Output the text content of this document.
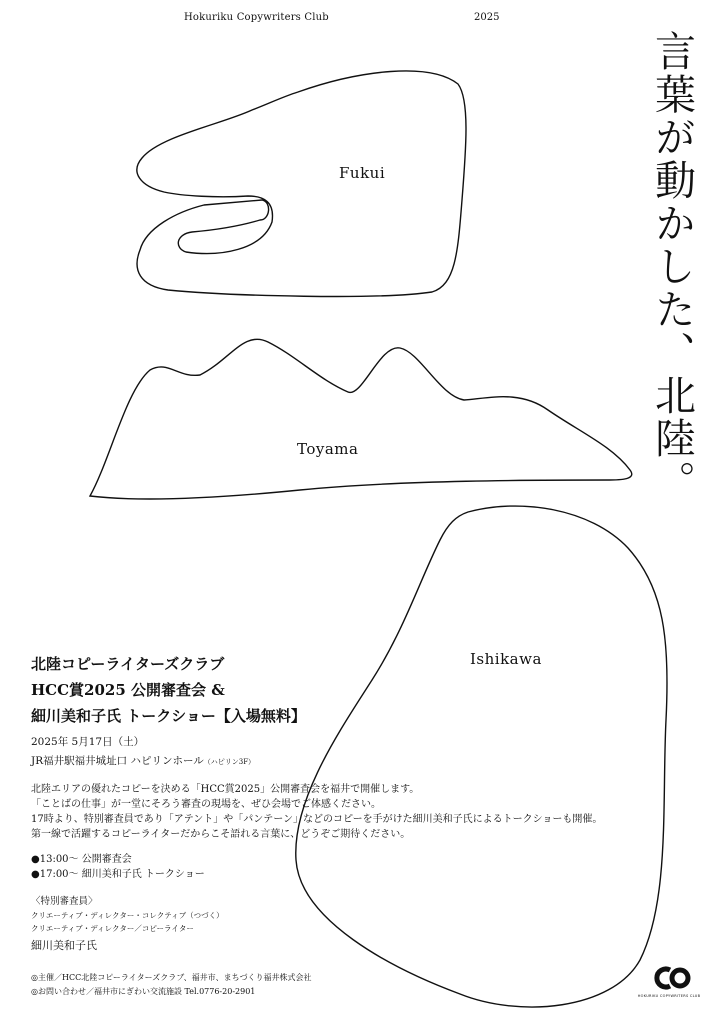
Hokuriku Copywriters Club	2025
Fukui
Toyama
Ishikawa
言葉が動かした、北陸。
北陸コピーライターズクラブ
HCC賞2025 公開審査会 &
細川美和子氏 トークショー【入場無料】
2025年 5月17日（土）
JR福井駅福井城址口 ハピリンホール（ハピリン3F）
北陸エリアの優れたコピーを決める「HCC賞2025」公開審査会を福井で開催します。
「ことばの仕事」が一堂にそろう審査の現場を、ぜひ会場でご体感ください。
17時より、特別審査員であり「アテント」や「パンテーン」などのコピーを手がけた細川美和子氏によるトークショーも開催。
第一線で活躍するコピーライターだからこそ語れる言葉に、どうぞご期待ください。
●13:00～ 公開審査会
●17:00～ 細川美和子氏 トークショー
〈特別審査員〉
クリエーティブ・ディレクター・コレクティブ（つづく）
クリエーティブ・ディレクター／コピーライター
細川美和子氏
◎主催／HCC北陸コピーライターズクラブ、福井市、まちづくり福井株式会社
◎お問い合わせ／福井市にぎわい交流施設 Tel.0776-20-2901	HOKURIKU COPYWRITERS CLUB
